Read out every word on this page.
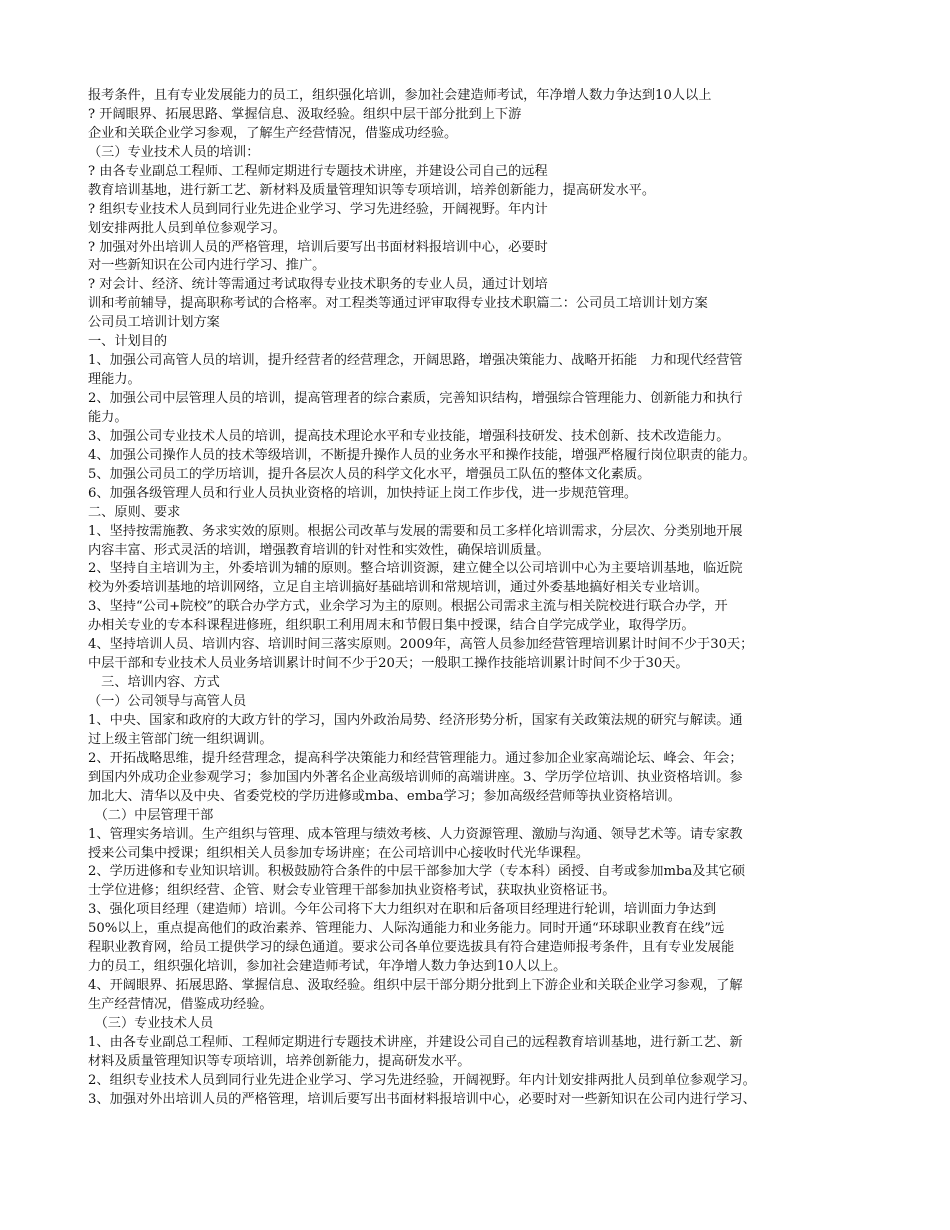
报考条件，且有专业发展能力的员工，组织强化培训，参加社会建造师考试，年净增人数力争达到10人以上
? 开阔眼界、拓展思路、掌握信息、汲取经验。组织中层干部分批到上下游
企业和关联企业学习参观，了解生产经营情况，借鉴成功经验。
（三）专业技术人员的培训：
? 由各专业副总工程师、工程师定期进行专题技术讲座，并建设公司自己的远程
教育培训基地，进行新工艺、新材料及质量管理知识等专项培训，培养创新能力，提高研发水平。
? 组织专业技术人员到同行业先进企业学习、学习先进经验，开阔视野。年内计
划安排两批人员到单位参观学习。
? 加强对外出培训人员的严格管理，培训后要写出书面材料报培训中心，必要时
对一些新知识在公司内进行学习、推广。
? 对会计、经济、统计等需通过考试取得专业技术职务的专业人员，通过计划培
训和考前辅导，提高职称考试的合格率。对工程类等通过评审取得专业技术职篇二：公司员工培训计划方案
公司员工培训计划方案
一、计划目的
1、加强公司高管人员的培训，提升经营者的经营理念，开阔思路，增强决策能力、战略开拓能　力和现代经营管
理能力。
2、加强公司中层管理人员的培训，提高管理者的综合素质，完善知识结构，增强综合管理能力、创新能力和执行
能力。
3、加强公司专业技术人员的培训，提高技术理论水平和专业技能，增强科技研发、技术创新、技术改造能力。
4、加强公司操作人员的技术等级培训，不断提升操作人员的业务水平和操作技能，增强严格履行岗位职责的能力。
5、加强公司员工的学历培训，提升各层次人员的科学文化水平，增强员工队伍的整体文化素质。
6、加强各级管理人员和行业人员执业资格的培训，加快持证上岗工作步伐，进一步规范管理。
二、原则、要求
1、坚持按需施教、务求实效的原则。根据公司改革与发展的需要和员工多样化培训需求，分层次、分类别地开展
内容丰富、形式灵活的培训，增强教育培训的针对性和实效性，确保培训质量。
2、坚持自主培训为主，外委培训为辅的原则。整合培训资源，建立健全以公司培训中心为主要培训基地，临近院
校为外委培训基地的培训网络，立足自主培训搞好基础培训和常规培训，通过外委基地搞好相关专业培训。
3、坚持“公司+院校”的联合办学方式，业余学习为主的原则。根据公司需求主流与相关院校进行联合办学，开
办相关专业的专本科课程进修班，组织职工利用周末和节假日集中授课，结合自学完成学业，取得学历。
4、坚持培训人员、培训内容、培训时间三落实原则。2009年，高管人员参加经营管理培训累计时间不少于30天；
中层干部和专业技术人员业务培训累计时间不少于20天；一般职工操作技能培训累计时间不少于30天。
　三、培训内容、方式
（一）公司领导与高管人员
1、中央、国家和政府的大政方针的学习，国内外政治局势、经济形势分析，国家有关政策法规的研究与解读。通
过上级主管部门统一组织调训。
2、开拓战略思维，提升经营理念，提高科学决策能力和经营管理能力。通过参加企业家高端论坛、峰会、年会；
到国内外成功企业参观学习；参加国内外著名企业高级培训师的高端讲座。3、学历学位培训、执业资格培训。参
加北大、清华以及中央、省委党校的学历进修或mba、emba学习；参加高级经营师等执业资格培训。
　（二）中层管理干部
1、管理实务培训。生产组织与管理、成本管理与绩效考核、人力资源管理、激励与沟通、领导艺术等。请专家教
授来公司集中授课；组织相关人员参加专场讲座；在公司培训中心接收时代光华课程。
2、学历进修和专业知识培训。积极鼓励符合条件的中层干部参加大学（专本科）函授、自考或参加mba及其它硕
士学位进修；组织经营、企管、财会专业管理干部参加执业资格考试，获取执业资格证书。
3、强化项目经理（建造师）培训。今年公司将下大力组织对在职和后备项目经理进行轮训，培训面力争达到
50%以上，重点提高他们的政治素养、管理能力、人际沟通能力和业务能力。同时开通“环球职业教育在线”远
程职业教育网，给员工提供学习的绿色通道。要求公司各单位要选拔具有符合建造师报考条件，且有专业发展能
力的员工，组织强化培训，参加社会建造师考试，年净增人数力争达到10人以上。
4、开阔眼界、拓展思路、掌握信息、汲取经验。组织中层干部分期分批到上下游企业和关联企业学习参观，了解
生产经营情况，借鉴成功经验。
　（三）专业技术人员
1、由各专业副总工程师、工程师定期进行专题技术讲座，并建设公司自己的远程教育培训基地，进行新工艺、新
材料及质量管理知识等专项培训，培养创新能力，提高研发水平。
2、组织专业技术人员到同行业先进企业学习、学习先进经验，开阔视野。年内计划安排两批人员到单位参观学习。
3、加强对外出培训人员的严格管理，培训后要写出书面材料报培训中心，必要时对一些新知识在公司内进行学习、
